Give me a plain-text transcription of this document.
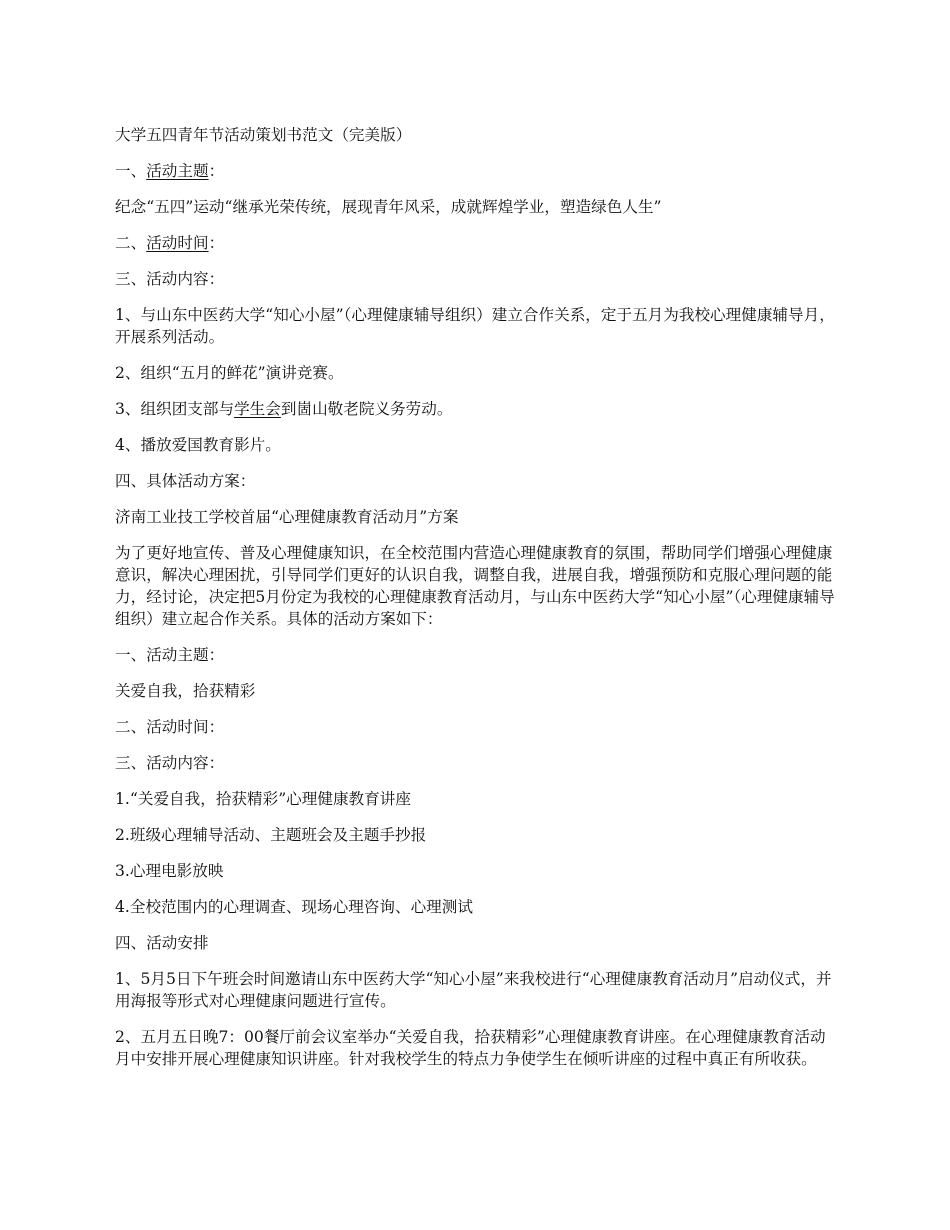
大学五四青年节活动策划书范文（完美版）

一、活动主题：

纪念“五四”运动“继承光荣传统，展现青年风采，成就辉煌学业，塑造绿色人生”

二、活动时间：

三、活动内容：

1、与山东中医药大学“知心小屋”（心理健康辅导组织）建立合作关系，定于五月为我校心理健康辅导月，开展系列活动。

2、组织“五月的鲜花”演讲竞赛。

3、组织团支部与学生会到崮山敬老院义务劳动。

4、播放爱国教育影片。

四、具体活动方案：

济南工业技工学校首届“心理健康教育活动月”方案

为了更好地宣传、普及心理健康知识，在全校范围内营造心理健康教育的氛围，帮助同学们增强心理健康意识，解决心理困扰，引导同学们更好的认识自我，调整自我，进展自我，增强预防和克服心理问题的能力，经讨论，决定把5月份定为我校的心理健康教育活动月，与山东中医药大学“知心小屋”（心理健康辅导组织）建立起合作关系。具体的活动方案如下：

一、活动主题：

关爱自我，拾获精彩

二、活动时间：

三、活动内容：

1.“关爱自我，拾获精彩”心理健康教育讲座

2.班级心理辅导活动、主题班会及主题手抄报

3.心理电影放映

4.全校范围内的心理调查、现场心理咨询、心理测试

四、活动安排

1、5月5日下午班会时间邀请山东中医药大学“知心小屋”来我校进行“心理健康教育活动月”启动仪式，并用海报等形式对心理健康问题进行宣传。

2、五月五日晚7：00餐厅前会议室举办“关爱自我，拾获精彩”心理健康教育讲座。在心理健康教育活动月中安排开展心理健康知识讲座。针对我校学生的特点力争使学生在倾听讲座的过程中真正有所收获。
